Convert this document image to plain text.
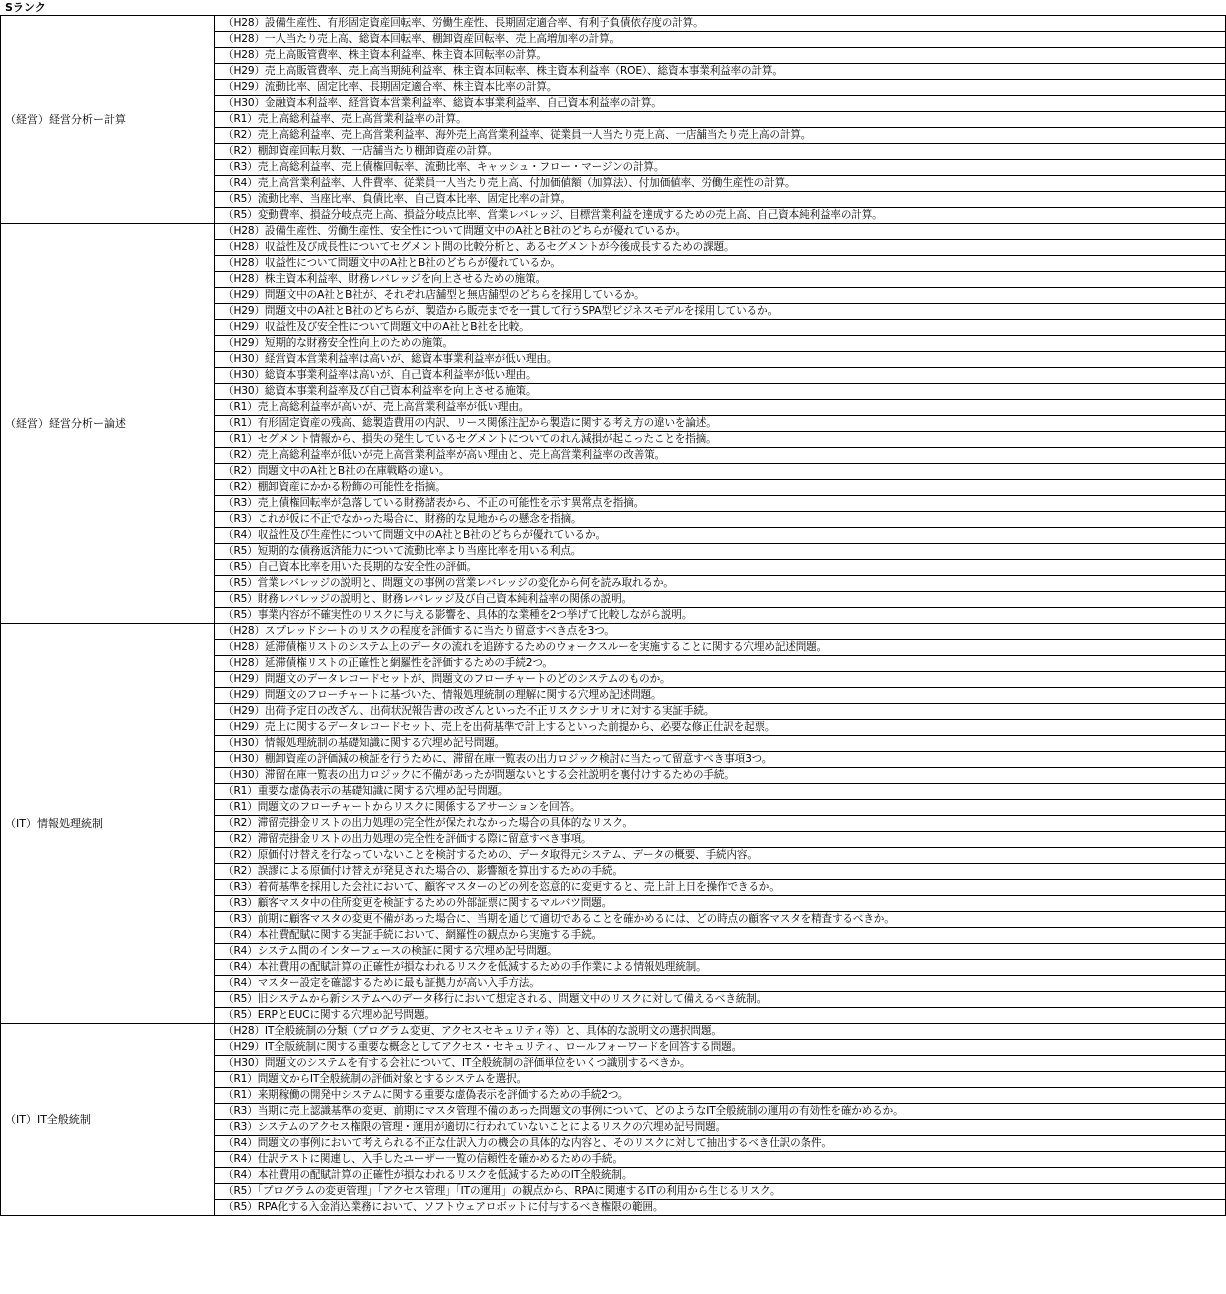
Sランク
（経営）経営分析ー計算	（H28）設備生産性、有形固定資産回転率、労働生産性、長期固定適合率、有利子負債依存度の計算。
	（H28）一人当たり売上高、総資本回転率、棚卸資産回転率、売上高増加率の計算。
	（H28）売上高販管費率、株主資本利益率、株主資本回転率の計算。
	（H29）売上高販管費率、売上高当期純利益率、株主資本回転率、株主資本利益率（ROE）、総資本事業利益率の計算。
	（H29）流動比率、固定比率、長期固定適合率、株主資本比率の計算。
	（H30）金融資本利益率、経営資本営業利益率、総資本事業利益率、自己資本利益率の計算。
	（R1）売上高総利益率、売上高営業利益率の計算。
	（R2）売上高総利益率、売上高営業利益率、海外売上高営業利益率、従業員一人当たり売上高、一店舗当たり売上高の計算。
	（R2）棚卸資産回転月数、一店舗当たり棚卸資産の計算。
	（R3）売上高総利益率、売上債権回転率、流動比率、キャッシュ・フロー・マージンの計算。
	（R4）売上高営業利益率、人件費率、従業員一人当たり売上高、付加価値額（加算法）、付加価値率、労働生産性の計算。
	（R5）流動比率、当座比率、負債比率、自己資本比率、固定比率の計算。
	（R5）変動費率、損益分岐点売上高、損益分岐点比率、営業レバレッジ、目標営業利益を達成するための売上高、自己資本純利益率の計算。
（経営）経営分析ー論述	（H28）設備生産性、労働生産性、安全性について問題文中のA社とB社のどちらが優れているか。
	（H28）収益性及び成長性についてセグメント間の比較分析と、あるセグメントが今後成長するための課題。
	（H28）収益性について問題文中のA社とB社のどちらが優れているか。
	（H28）株主資本利益率、財務レバレッジを向上させるための施策。
	（H29）問題文中のA社とB社が、それぞれ店舗型と無店舗型のどちらを採用しているか。
	（H29）問題文中のA社とB社のどちらが、製造から販売までを一貫して行うSPA型ビジネスモデルを採用しているか。
	（H29）収益性及び安全性について問題文中のA社とB社を比較。
	（H29）短期的な財務安全性向上のための施策。
	（H30）経営資本営業利益率は高いが、総資本事業利益率が低い理由。
	（H30）総資本事業利益率は高いが、自己資本利益率が低い理由。
	（H30）総資本事業利益率及び自己資本利益率を向上させる施策。
	（R1）売上高総利益率が高いが、売上高営業利益率が低い理由。
	（R1）有形固定資産の残高、総製造費用の内訳、リース関係注記から製造に関する考え方の違いを論述。
	（R1）セグメント情報から、損失の発生しているセグメントについてのれん減損が起こったことを指摘。
	（R2）売上高総利益率が低いが売上高営業利益率が高い理由と、売上高営業利益率の改善策。
	（R2）問題文中のA社とB社の在庫戦略の違い。
	（R2）棚卸資産にかかる粉飾の可能性を指摘。
	（R3）売上債権回転率が急落している財務諸表から、不正の可能性を示す異常点を指摘。
	（R3）これが仮に不正でなかった場合に、財務的な見地からの懸念を指摘。
	（R4）収益性及び生産性について問題文中のA社とB社のどちらが優れているか。
	（R5）短期的な債務返済能力について流動比率より当座比率を用いる利点。
	（R5）自己資本比率を用いた長期的な安全性の評価。
	（R5）営業レバレッジの説明と、問題文の事例の営業レバレッジの変化から何を読み取れるか。
	（R5）財務レバレッジの説明と、財務レバレッジ及び自己資本純利益率の関係の説明。
	（R5）事業内容が不確実性のリスクに与える影響を、具体的な業種を2つ挙げて比較しながら説明。
（IT）情報処理統制	（H28）スプレッドシートのリスクの程度を評価するに当たり留意すべき点を3つ。
	（H28）延滞債権リストのシステム上のデータの流れを追跡するためのウォークスルーを実施することに関する穴埋め記述問題。
	（H28）延滞債権リストの正確性と網羅性を評価するための手続2つ。
	（H29）問題文のデータレコードセットが、問題文のフローチャートのどのシステムのものか。
	（H29）問題文のフローチャートに基づいた、情報処理統制の理解に関する穴埋め記述問題。
	（H29）出荷予定日の改ざん、出荷状況報告書の改ざんといった不正リスクシナリオに対する実証手続。
	（H29）売上に関するデータレコードセット、売上を出荷基準で計上するといった前提から、必要な修正仕訳を起票。
	（H30）情報処理統制の基礎知識に関する穴埋め記号問題。
	（H30）棚卸資産の評価減の検証を行うために、滞留在庫一覧表の出力ロジック検討に当たって留意すべき事項3つ。
	（H30）滞留在庫一覧表の出力ロジックに不備があったが問題ないとする会社説明を裏付けするための手続。
	（R1）重要な虚偽表示の基礎知識に関する穴埋め記号問題。
	（R1）問題文のフローチャートからリスクに関係するアサーションを回答。
	（R2）滞留売掛金リストの出力処理の完全性が保たれなかった場合の具体的なリスク。
	（R2）滞留売掛金リストの出力処理の完全性を評価する際に留意すべき事項。
	（R2）原価付け替えを行なっていないことを検討するための、データ取得元システム、データの概要、手続内容。
	（R2）誤謬による原価付け替えが発見された場合の、影響額を算出するための手続。
	（R3）着荷基準を採用した会社において、顧客マスターのどの列を恣意的に変更すると、売上計上日を操作できるか。
	（R3）顧客マスタ中の住所変更を検証するための外部証票に関するマルバツ問題。
	（R3）前期に顧客マスタの変更不備があった場合に、当期を通じて適切であることを確かめるには、どの時点の顧客マスタを精査するべきか。
	（R4）本社費配賦に関する実証手続において、網羅性の観点から実施する手続。
	（R4）システム間のインターフェースの検証に関する穴埋め記号問題。
	（R4）本社費用の配賦計算の正確性が損なわれるリスクを低減するための手作業による情報処理統制。
	（R4）マスター設定を確認するために最も証拠力が高い入手方法。
	（R5）旧システムから新システムへのデータ移行において想定される、問題文中のリスクに対して備えるべき統制。
	（R5）ERPとEUCに関する穴埋め記号問題。
（IT）IT全般統制	（H28）IT全般統制の分類（プログラム変更、アクセスセキュリティ等）と、具体的な説明文の選択問題。
	（H29）IT全版統制に関する重要な概念としてアクセス・セキュリティ、ロールフォーワードを回答する問題。
	（H30）問題文のシステムを有する会社について、IT全般統制の評価単位をいくつ識別するべきか。
	（R1）問題文からIT全般統制の評価対象とするシステムを選択。
	（R1）来期稼働の開発中システムに関する重要な虚偽表示を評価するための手続2つ。
	（R3）当期に売上認識基準の変更、前期にマスタ管理不備のあった問題文の事例について、どのようなIT全般統制の運用の有効性を確かめるか。
	（R3）システムのアクセス権限の管理・運用が適切に行われていないことによるリスクの穴埋め記号問題。
	（R4）問題文の事例において考えられる不正な仕訳入力の機会の具体的な内容と、そのリスクに対して抽出するべき仕訳の条件。
	（R4）仕訳テストに関連し、入手したユーザー一覧の信頼性を確かめるための手続。
	（R4）本社費用の配賦計算の正確性が損なわれるリスクを低減するためのIT全般統制。
	（R5）「プログラムの変更管理」「アクセス管理」「ITの運用」の観点から、RPAに関連するITの利用から生じるリスク。
	（R5）RPA化する入金消込業務において、ソフトウェアロボットに付与するべき権限の範囲。
